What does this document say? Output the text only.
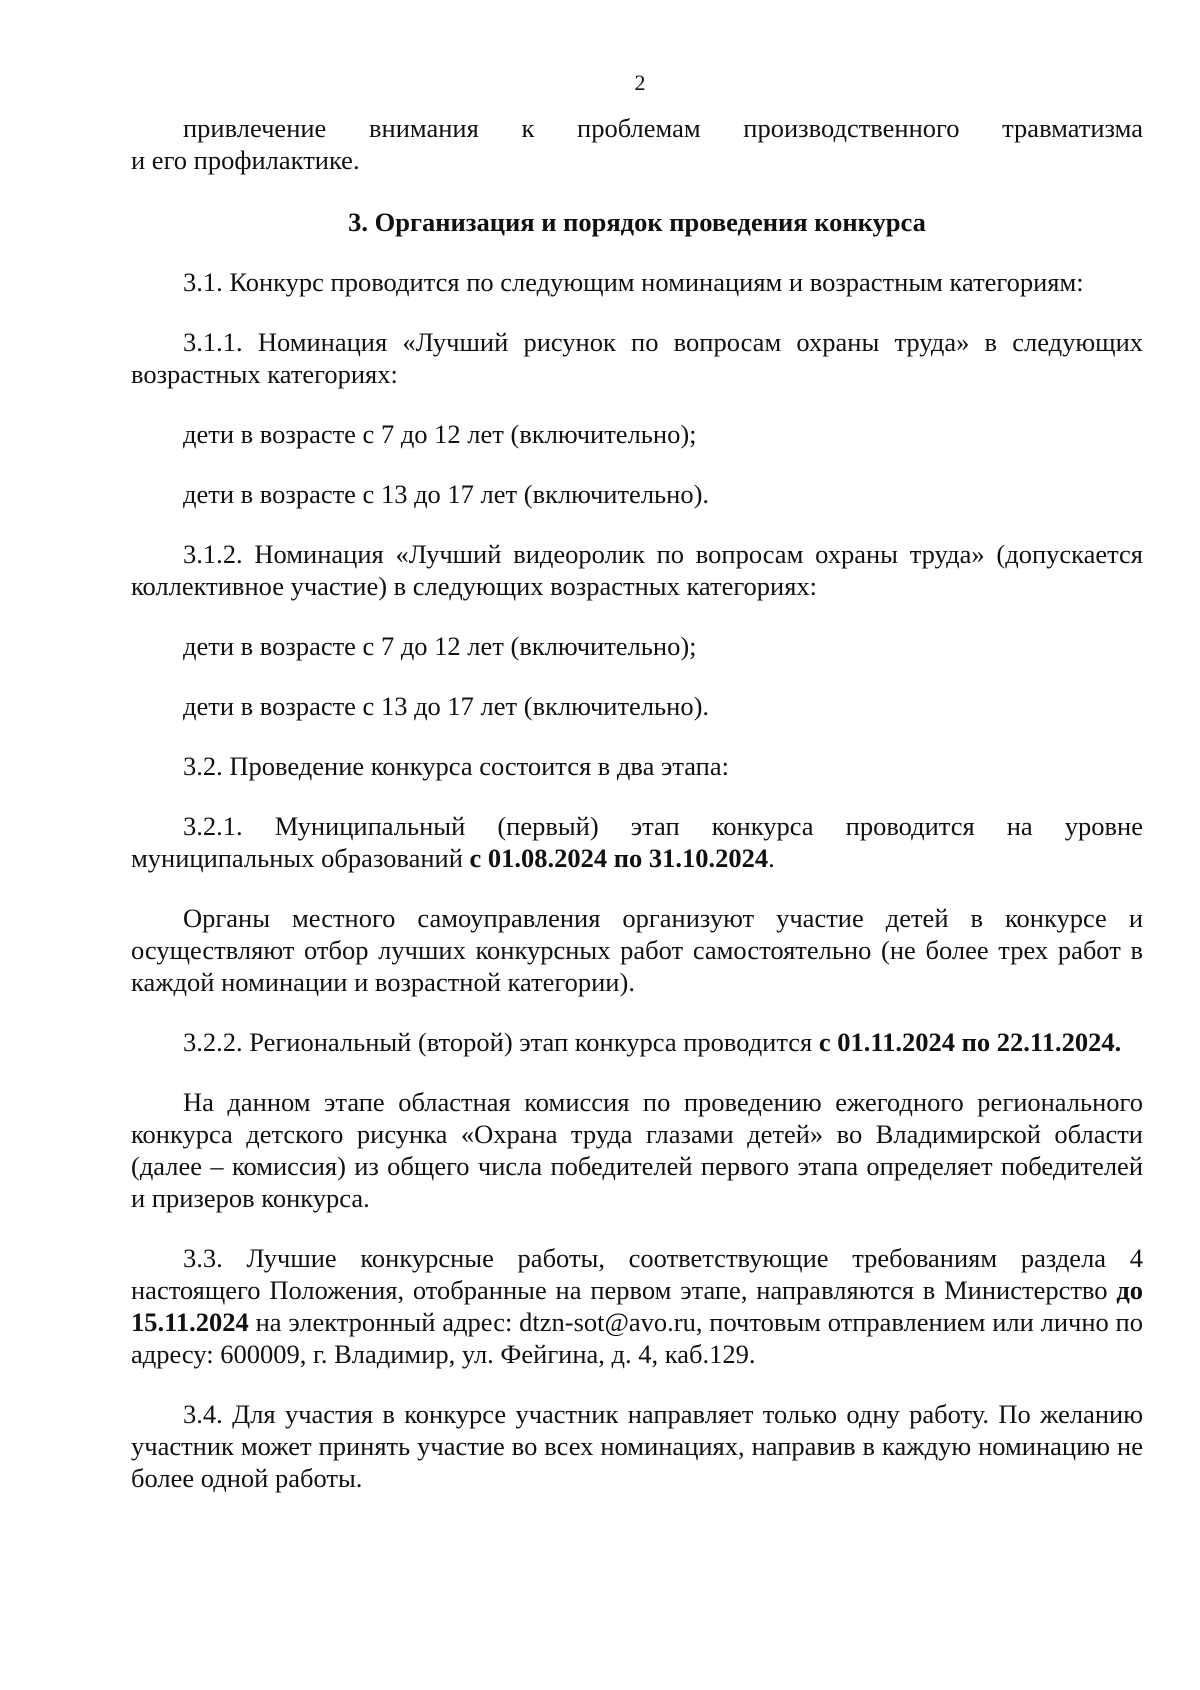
2

привлечение внимания к проблемам производственного травматизма

и его профилактике.

3. Организация и порядок проведения конкурса

3.1. Конкурс проводится по следующим номинациям и возрастным категориям:

3.1.1. Номинация «Лучший рисунок по вопросам охраны труда» в следующих возрастных категориях:

дети в возрасте с 7 до 12 лет (включительно);

дети в возрасте с 13 до 17 лет (включительно).

3.1.2. Номинация «Лучший видеоролик по вопросам охраны труда» (допускается коллективное участие) в следующих возрастных категориях:

дети в возрасте с 7 до 12 лет (включительно);

дети в возрасте с 13 до 17 лет (включительно).

3.2. Проведение конкурса состоится в два этапа:

3.2.1. Муниципальный (первый) этап конкурса проводится на уровне муниципальных образований с 01.08.2024 по 31.10.2024.

Органы местного самоуправления организуют участие детей в конкурсе и осуществляют отбор лучших конкурсных работ самостоятельно (не более трех работ в каждой номинации и возрастной категории).

3.2.2. Региональный (второй) этап конкурса проводится с 01.11.2024 по 22.11.2024.

На данном этапе областная комиссия по проведению ежегодного регионального конкурса детского рисунка «Охрана труда глазами детей» во Владимирской области (далее – комиссия) из общего числа победителей первого этапа определяет победителей и призеров конкурса.

3.3. Лучшие конкурсные работы, соответствующие требованиям раздела 4 настоящего Положения, отобранные на первом этапе, направляются в Министерство до 15.11.2024 на электронный адрес: dtzn-sot@avo.ru, почтовым отправлением или лично по адресу: 600009, г. Владимир, ул. Фейгина, д. 4, каб.129.

3.4. Для участия в конкурсе участник направляет только одну работу. По желанию участник может принять участие во всех номинациях, направив в каждую номинацию не более одной работы.
